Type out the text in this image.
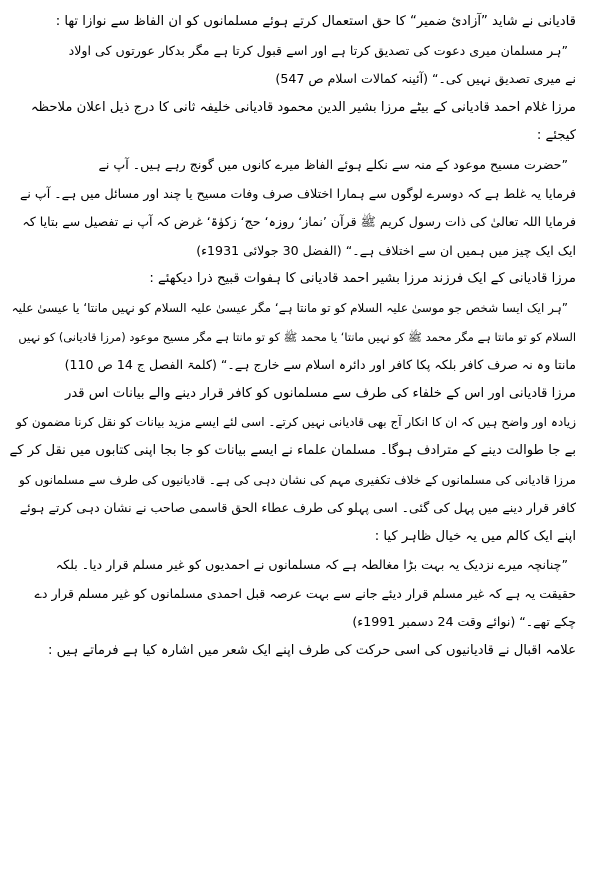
قادیانی نے شاید ”آزادیٔ ضمیر“ کا حق استعمال کرتے ہوئے مسلمانوں کو ان الفاظ سے نوازا تھا :
”ہر مسلمان میری دعوت کی تصدیق کرتا ہے اور اسے قبول کرتا ہے مگر بدکار عورتوں کی اولاد
نے میری تصدیق نہیں کی۔“ (آئینہ کمالات اسلام ص 547)
مرزا غلام احمد قادیانی کے بیٹے مرزا بشیر الدین محمود قادیانی خلیفہ ثانی کا درج ذیل اعلان ملاحظہ
کیجئے :
”حضرت مسیح موعود کے منہ سے نکلے ہوئے الفاظ میرے کانوں میں گونج رہے ہیں۔ آپ نے
فرمایا یہ غلط ہے کہ دوسرے لوگوں سے ہمارا اختلاف صرف وفات مسیح یا چند اور مسائل میں ہے۔ آپ نے
فرمایا اللہ تعالیٰ کی ذات رسول کریم ﷺ قرآن ’نماز‘ روزہ‘ حج‘ زکوٰۃ‘ غرض کہ آپ نے تفصیل سے بتایا کہ
ایک ایک چیز میں ہمیں ان سے اختلاف ہے۔“ (الفضل 30 جولائی 1931ء)
مرزا قادیانی کے ایک فرزند مرزا بشیر احمد قادیانی کا ہفوات قبیح ذرا دیکھئے :
”ہر ایک ایسا شخص جو موسیٰ علیہ السلام کو تو مانتا ہے‘ مگر عیسیٰ علیہ السلام کو نہیں مانتا‘ یا عیسیٰ علیہ
السلام کو تو مانتا ہے مگر محمد ﷺ کو نہیں مانتا‘ یا محمد ﷺ کو تو مانتا ہے مگر مسیح موعود (مرزا قادیانی) کو نہیں
مانتا وہ نہ صرف کافر بلکہ پکا کافر اور دائرہ اسلام سے خارج ہے۔“ (کلمۃ الفصل ج 14 ص 110)
مرزا قادیانی اور اس کے خلفاء کی طرف سے مسلمانوں کو کافر قرار دینے والے بیانات اس قدر
زیادہ اور واضح ہیں کہ ان کا انکار آج بھی قادیانی نہیں کرتے۔ اسی لئے ایسے مزید بیانات کو نقل کرنا مضمون کو
بے جا طوالت دینے کے مترادف ہوگا۔ مسلمان علماء نے ایسے بیانات کو جا بجا اپنی کتابوں میں نقل کر کے
مرزا قادیانی کی مسلمانوں کے خلاف تکفیری مہم کی نشان دہی کی ہے۔ قادیانیوں کی طرف سے مسلمانوں کو
کافر قرار دینے میں پہل کی گئی۔ اسی پہلو کی طرف عطاء الحق قاسمی صاحب نے نشان دہی کرتے ہوئے
اپنے ایک کالم میں یہ خیال ظاہر کیا :
”چنانچہ میرے نزدیک یہ بہت بڑا مغالطہ ہے کہ مسلمانوں نے احمدیوں کو غیر مسلم قرار دیا۔ بلکہ
حقیقت یہ ہے کہ غیر مسلم قرار دیئے جانے سے بہت عرصہ قبل احمدی مسلمانوں کو غیر مسلم قرار دے
چکے تھے۔“ (نوائے وقت 24 دسمبر 1991ء)
علامہ اقبال نے قادیانیوں کی اسی حرکت کی طرف اپنے ایک شعر میں اشارہ کیا ہے فرماتے ہیں :
